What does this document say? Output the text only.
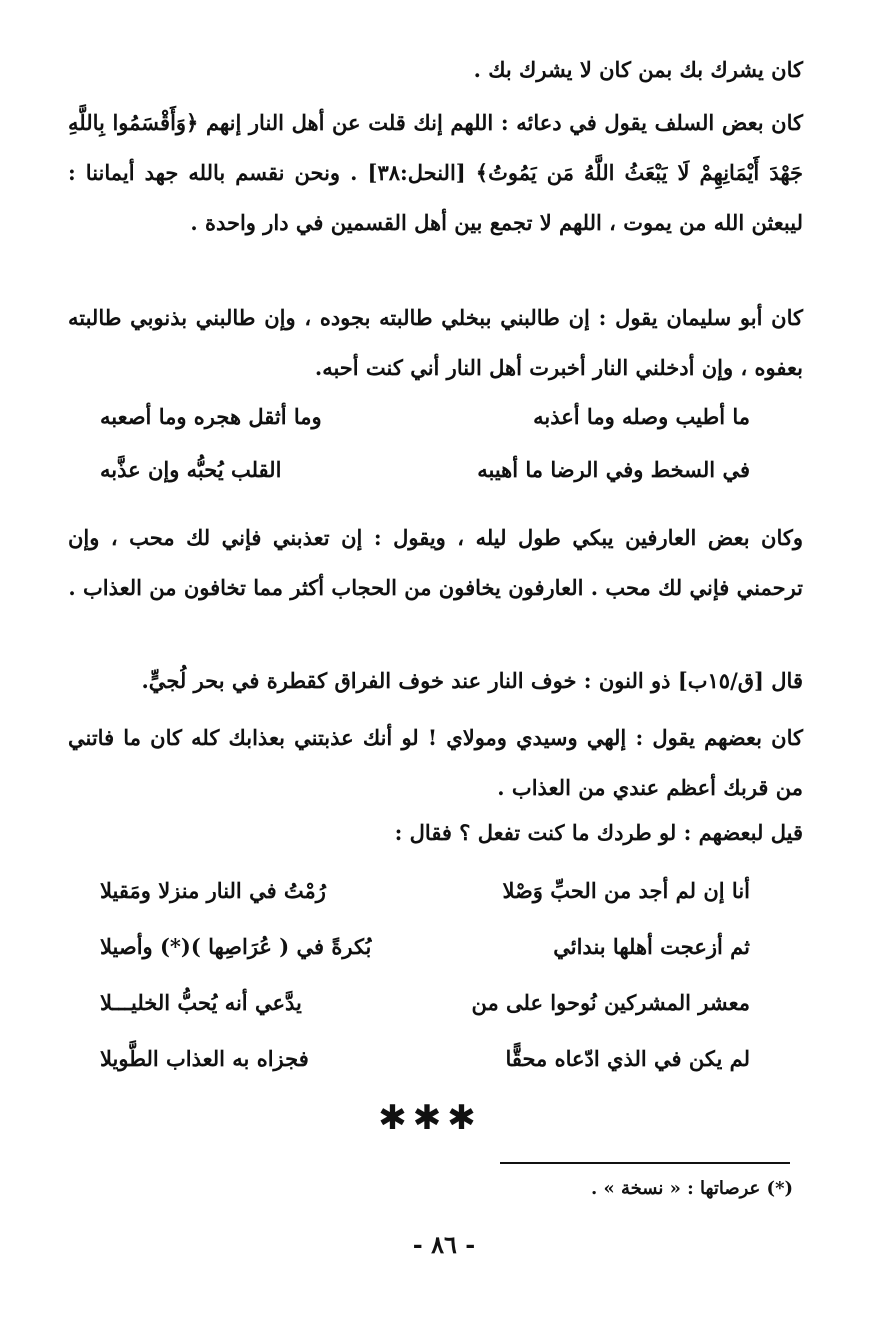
كان يشرك بك بمن كان لا يشرك بك .
كان بعض السلف يقول في دعائه : اللهم إنك قلت عن أهل النار إنهم ﴿وَأَقْسَمُوا بِاللَّهِ جَهْدَ أَيْمَانِهِمْ لَا يَبْعَثُ اللَّهُ مَن يَمُوتُ﴾ [النحل:٣٨] . ونحن نقسم بالله جهد أيماننا : ليبعثن الله من يموت ، اللهم لا تجمع بين أهل القسمين في دار واحدة .
كان أبو سليمان يقول : إن طالبني ببخلي طالبته بجوده ، وإن طالبني بذنوبي طالبته بعفوه ، وإن أدخلني النار أخبرت أهل النار أني كنت أحبه.
ما أطيب وصله وما أعذبه
وما أثقل هجره وما أصعبه
في السخط وفي الرضا ما أهيبه
القلب يُحبُّه وإن عذَّبه
وكان بعض العارفين يبكي طول ليله ، ويقول : إن تعذبني فإني لك محب ، وإن ترحمني فإني لك محب . العارفون يخافون من الحجاب أكثر مما تخافون من العذاب .
قال [ق/١٥ب] ذو النون : خوف النار عند خوف الفراق كقطرة في بحر لُجيٍّ.
كان بعضهم يقول : إلهي وسيدي ومولاي ! لو أنك عذبتني بعذابك كله كان ما فاتني من قربك أعظم عندي من العذاب .
قيل لبعضهم : لو طردك ما كنت تفعل ؟ فقال :
أنا إن لم أجد من الحبِّ وَصْلا
رُمْتُ في النار منزلا ومَقيلا
ثم أزعجت أهلها بندائي
بُكرةً في ( عُرَاصِها )(*) وأصيلا
معشر المشركين نُوحوا على من
يدَّعي أنه يُحبُّ الخليـــلا
لم يكن في الذي ادّعاه محقًّا
فجزاه به العذاب الطَّويلا
✱✱✱
(*) عرصاتها : « نسخة » .
- ٨٦ -
